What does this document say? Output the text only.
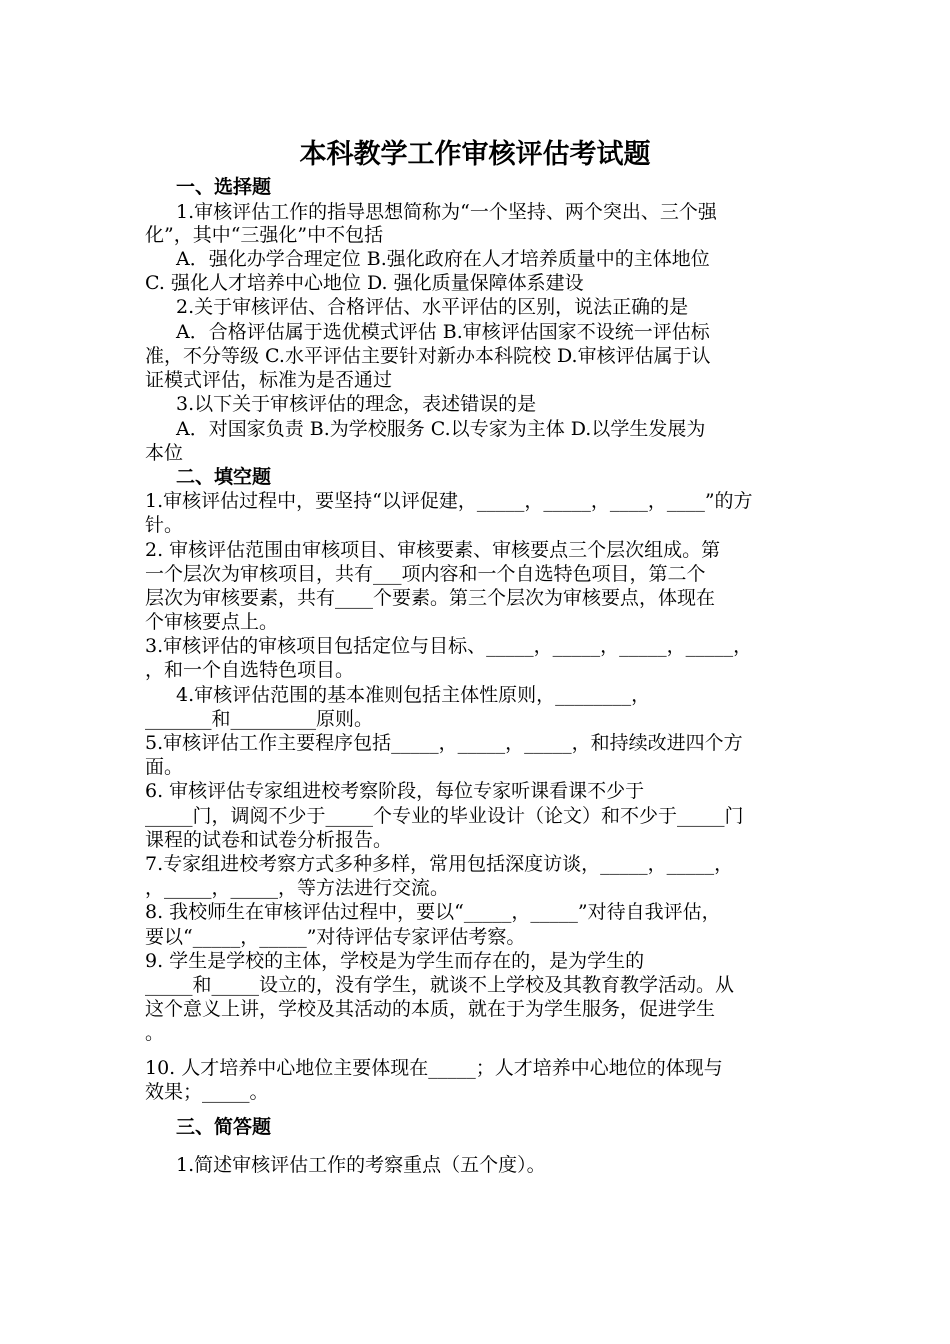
本科教学工作审核评估考试题
一、选择题
1.审核评估工作的指导思想简称为“一个坚持、两个突出、三个强
化”，其中“三强化”中不包括
A．强化办学合理定位 B.强化政府在人才培养质量中的主体地位
C. 强化人才培养中心地位 D. 强化质量保障体系建设
2.关于审核评估、合格评估、水平评估的区别，说法正确的是
A．合格评估属于选优模式评估 B.审核评估国家不设统一评估标
准，不分等级 C.水平评估主要针对新办本科院校 D.审核评估属于认
证模式评估，标准为是否通过
3.以下关于审核评估的理念，表述错误的是
A．对国家负责 B.为学校服务 C.以专家为主体 D.以学生发展为
本位
二、填空题
1.审核评估过程中，要坚持“以评促建，_____，_____，____，____”的方
针。
2. 审核评估范围由审核项目、审核要素、审核要点三个层次组成。第
一个层次为审核项目，共有___项内容和一个自选特色项目，第二个
层次为审核要素，共有____个要素。第三个层次为审核要点，体现在
个审核要点上。
3.审核评估的审核项目包括定位与目标、_____，_____，_____，_____，
，和一个自选特色项目。
4.审核评估范围的基本准则包括主体性原则，________，
_______和_________原则。
5.审核评估工作主要程序包括_____，_____，_____，和持续改进四个方
面。
6. 审核评估专家组进校考察阶段，每位专家听课看课不少于
_____门，调阅不少于_____个专业的毕业设计（论文）和不少于_____门
课程的试卷和试卷分析报告。
7.专家组进校考察方式多种多样，常用包括深度访谈，_____，_____，
，_____，_____，等方法进行交流。
8. 我校师生在审核评估过程中，要以“_____，_____”对待自我评估，
要以“_____，_____”对待评估专家评估考察。
9. 学生是学校的主体，学校是为学生而存在的，是为学生的
_____和_____设立的，没有学生，就谈不上学校及其教育教学活动。从
这个意义上讲，学校及其活动的本质，就在于为学生服务，促进学生
。
10. 人才培养中心地位主要体现在_____；人才培养中心地位的体现与
效果；_____。
三、简答题
1.简述审核评估工作的考察重点（五个度）。
